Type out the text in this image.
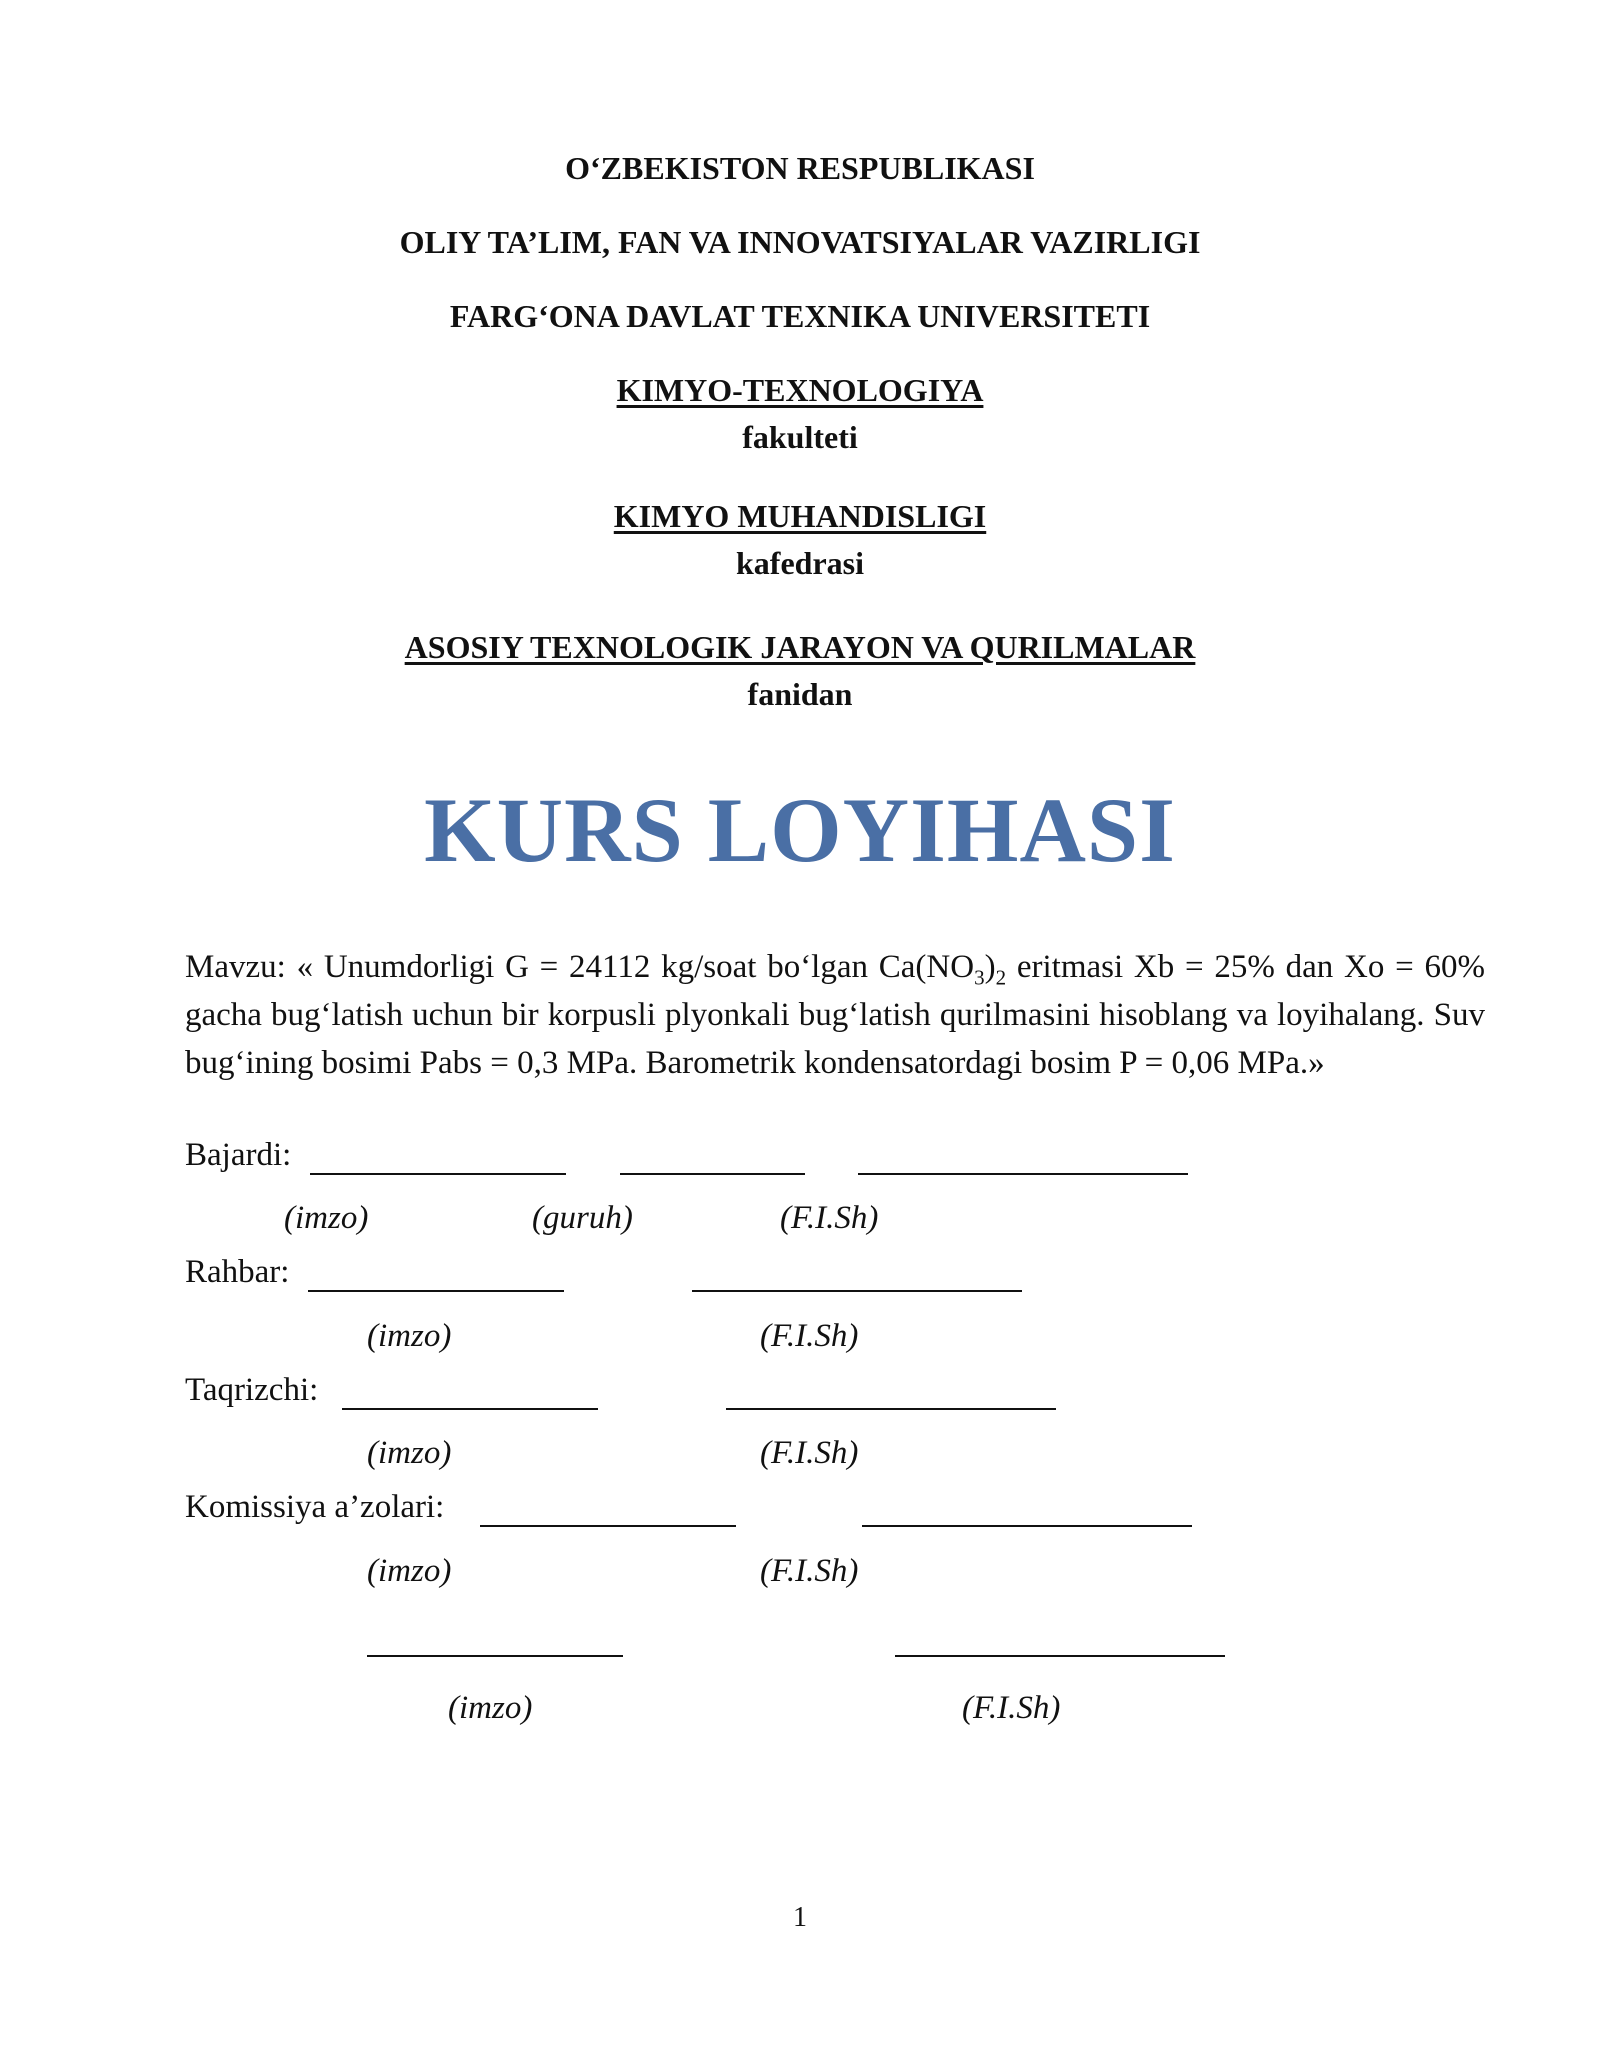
O‘ZBEKISTON RESPUBLIKASI
OLIY TA’LIM, FAN VA INNOVATSIYALAR VAZIRLIGI
FARG‘ONA DAVLAT TEXNIKA UNIVERSITETI
KIMYO-TEXNOLOGIYA
fakulteti
KIMYO MUHANDISLIGI
kafedrasi
ASOSIY TEXNOLOGIK JARAYON VA QURILMALAR
fanidan
KURS LOYIHASI
Mavzu: « Unumdorligi G = 24112 kg/soat bo‘lgan $Ca(NO_3)_2$ eritmasi Xb = 25% dan Xo = 60% gacha bug‘latish uchun bir korpusli plyonkali bug‘latish qurilmasini hisoblang va loyihalang. Suv bug‘ining bosimi Pabs = 0,3 MPa. Barometrik kondensatordagi bosim P = 0,06 MPa.»
Bajardi:
(imzo)	(guruh)	(F.I.Sh)
Rahbar:
(imzo)	(F.I.Sh)
Taqrizchi:
(imzo)	(F.I.Sh)
Komissiya a’zolari:
(imzo)	(F.I.Sh)
(imzo)	(F.I.Sh)
1
